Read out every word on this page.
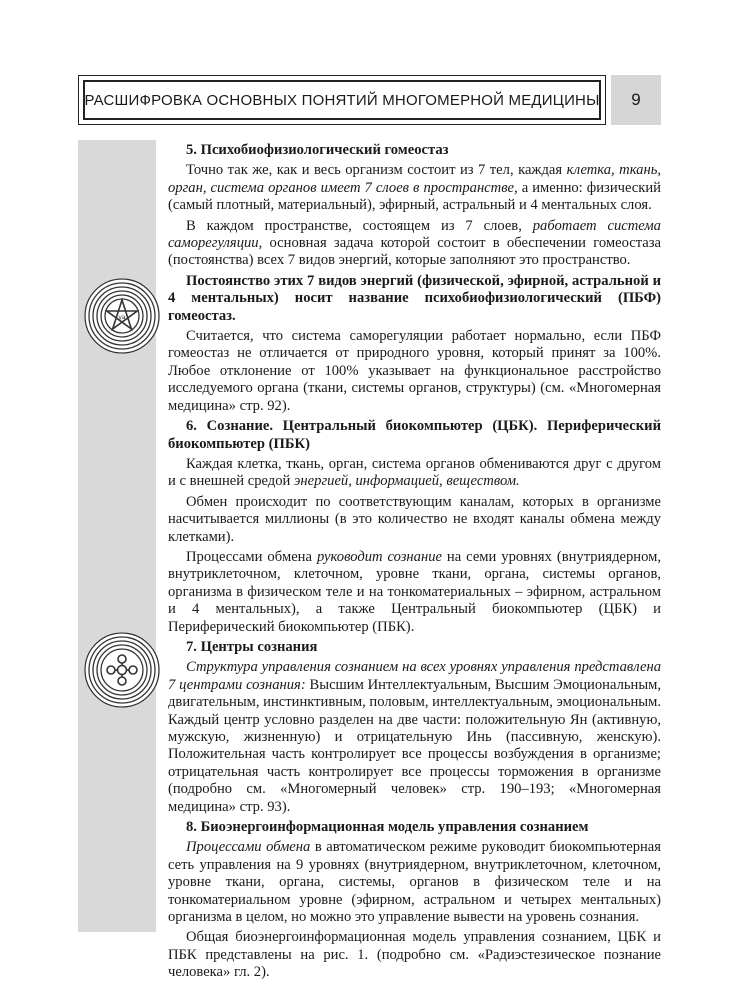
РАСШИФРОВКА ОСНОВНЫХ ПОНЯТИЙ МНОГОМЕРНОЙ МЕДИЦИНЫ	9
ya

5. Психобиофизиологический гомеостаз

Точно так же, как и весь организм состоит из 7 тел, каждая клетка, ткань, орган, система органов имеет 7 слоев в пространстве, а именно: физический (самый плотный, материальный), эфирный, астральный и 4 ментальных слоя.

В каждом пространстве, состоящем из 7 слоев, работает система саморегуляции, основная задача которой состоит в обеспечении гомеостаза (постоянства) всех 7 видов энергий, которые заполняют это пространство.

Постоянство этих 7 видов энергий (физической, эфирной, астральной и 4 ментальных) носит название психобиофизиологический (ПБФ) гомеостаз.

Считается, что система саморегуляции работает нормально, если ПБФ гомеостаз не отличается от природного уровня, который принят за 100%. Любое отклонение от 100% указывает на функциональное расстройство исследуемого органа (ткани, системы органов, структуры) (см. «Многомерная медицина» стр. 92).

6. Сознание. Центральный биокомпьютер (ЦБК). Периферический биокомпьютер (ПБК)

Каждая клетка, ткань, орган, система органов обмениваются друг с другом и с внешней средой энергией, информацией, веществом.

Обмен происходит по соответствующим каналам, которых в организме насчитывается миллионы (в это количество не входят каналы обмена между клетками).

Процессами обмена руководит сознание на семи уровнях (внутриядерном, внутриклеточном, клеточном, уровне ткани, органа, системы органов, организма в физическом теле и на тонкоматериальных – эфирном, астральном и 4 ментальных), а также Центральный биокомпьютер (ЦБК) и Периферический биокомпьютер (ПБК).

7. Центры сознания

Структура управления сознанием на всех уровнях управления представлена 7 центрами сознания: Высшим Интеллектуальным, Высшим Эмоциональным, двигательным, инстинктивным, половым, интеллектуальным, эмоциональным. Каждый центр условно разделен на две части: положительную Ян (активную, мужскую, жизненную) и отрицательную Инь (пассивную, женскую). Положительная часть контролирует все процессы возбуждения в организме; отрицательная часть контролирует все процессы торможения в организме (подробно см. «Многомерный человек» стр. 190–193; «Многомерная медицина» стр. 93).

8. Биоэнергоинформационная модель управления сознанием

Процессами обмена в автоматическом режиме руководит биокомпьютерная сеть управления на 9 уровнях (внутриядерном, внутриклеточном, клеточном, уровне ткани, органа, системы, органов в физическом теле и на тонкоматериальном уровне (эфирном, астральном и четырех ментальных) организма в целом, но можно это управление вывести на уровень сознания.

Общая биоэнергоинформационная модель управления сознанием, ЦБК и ПБК представлены на рис. 1. (подробно см. «Радиэстезическое познание человека» гл. 2).
